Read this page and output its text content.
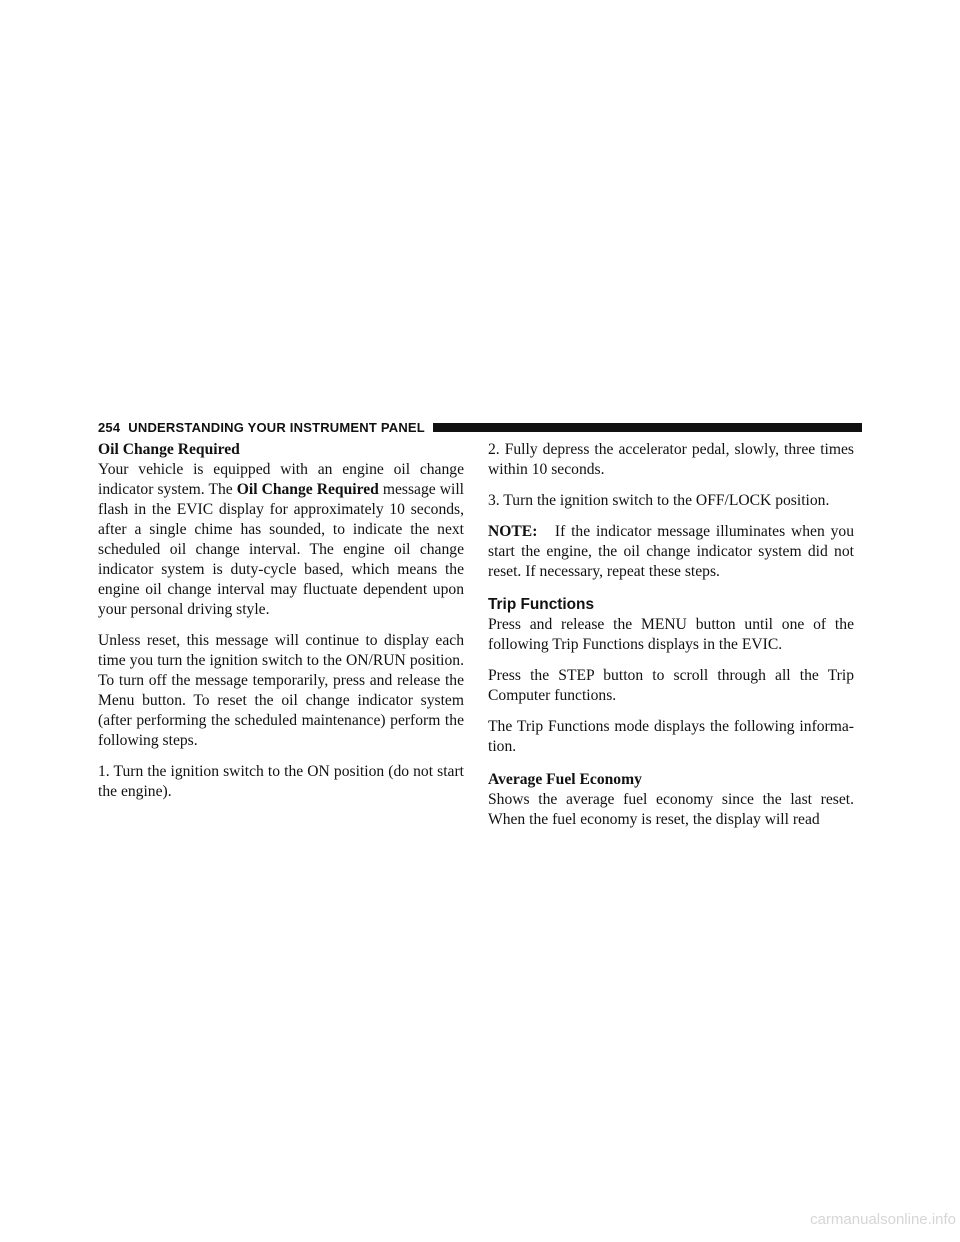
254 UNDERSTANDING YOUR INSTRUMENT PANEL
Oil Change Required

Your vehicle is equipped with an engine oil change indicator system. The Oil Change Required message will flash in the EVIC display for approximately 10 seconds, after a single chime has sounded, to indicate the next scheduled oil change interval. The engine oil change indicator system is duty-cycle based, which means the engine oil change interval may fluctuate dependent upon your personal driving style.

Unless reset, this message will continue to display each time you turn the ignition switch to the ON/RUN position. To turn off the message temporarily, press and release the Menu button. To reset the oil change indicator system (after performing the scheduled maintenance) perform the following steps.

1. Turn the ignition switch to the ON position (do not start the engine).

2. Fully depress the accelerator pedal, slowly, three times within 10 seconds.

3. Turn the ignition switch to the OFF/LOCK position.

NOTE: If the indicator message illuminates when you start the engine, the oil change indicator system did not reset. If necessary, repeat these steps.

Trip Functions

Press and release the MENU button until one of the following Trip Functions displays in the EVIC.

Press the STEP button to scroll through all the Trip Computer functions.

The Trip Functions mode displays the following informa-tion.

Average Fuel Economy

Shows the average fuel economy since the last reset. When the fuel economy is reset, the display will read

carmanualsonline.info
